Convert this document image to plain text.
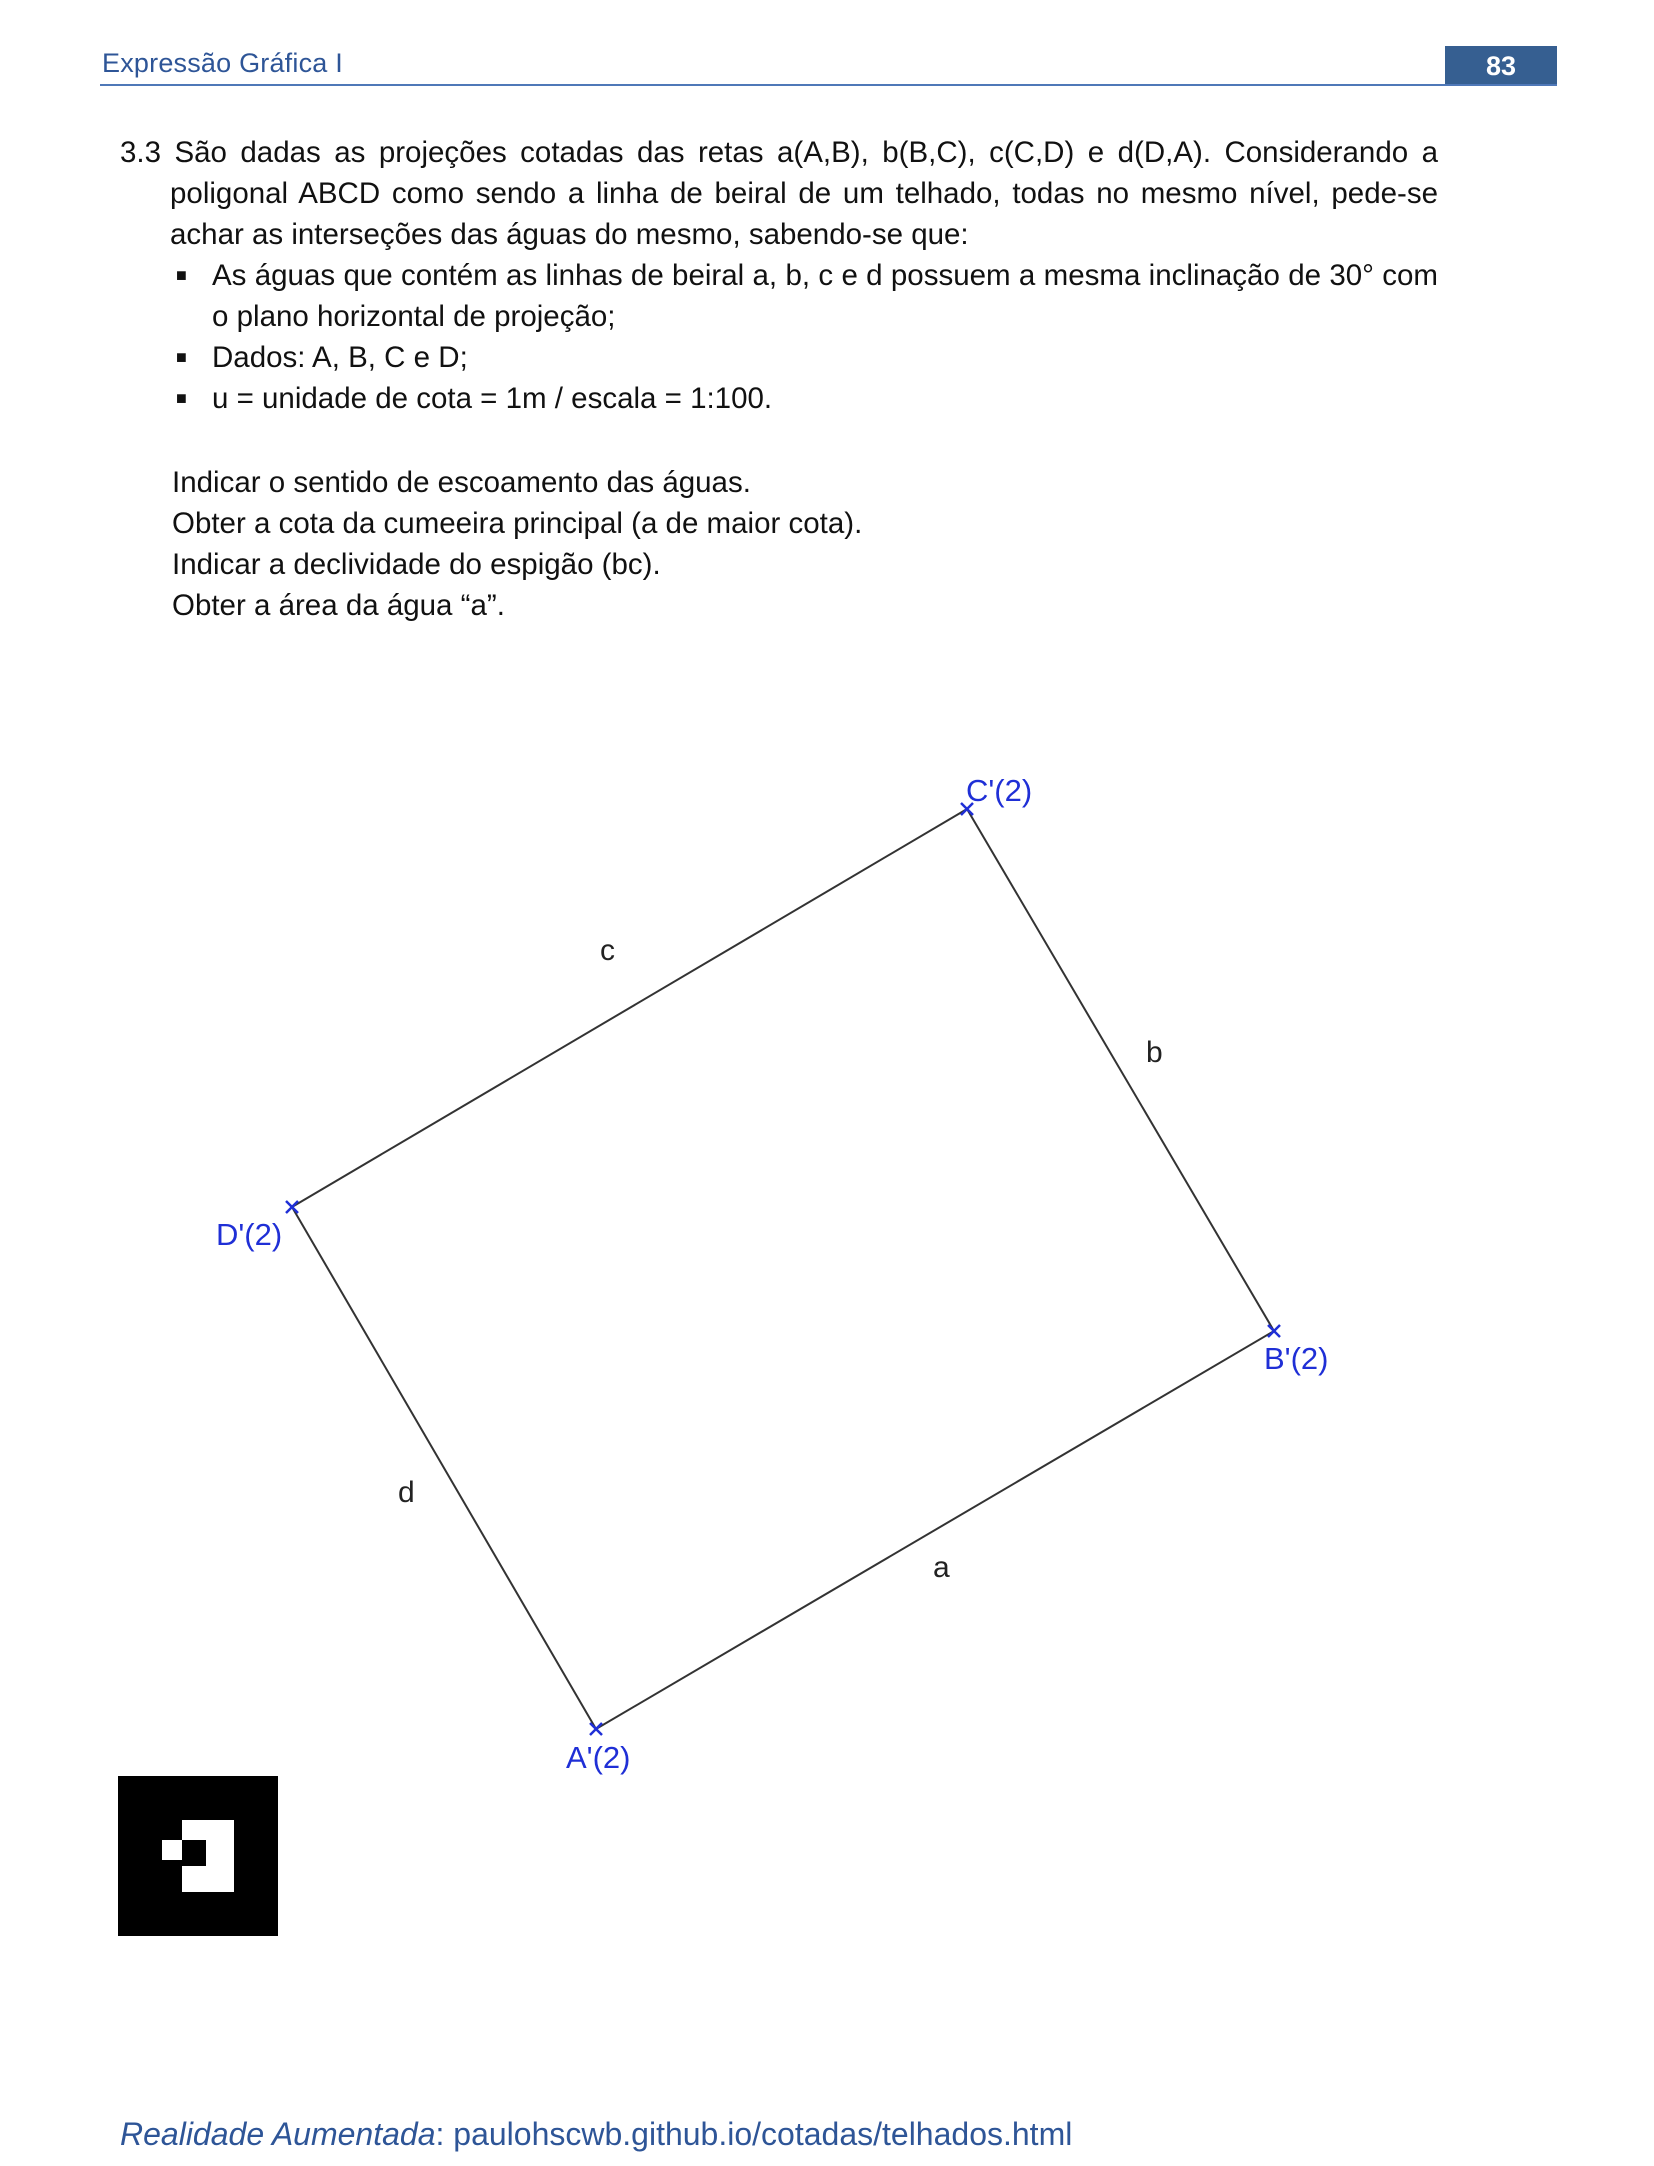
Expressão Gráfica I	83

3.3 São dadas as projeções cotadas das retas a(A,B), b(B,C), c(C,D) e d(D,A). Considerando a poligonal ABCD como sendo a linha de beiral de um telhado, todas no mesmo nível, pede-se achar as interseções das águas do mesmo, sabendo-se que:

■ As águas que contém as linhas de beiral a, b, c e d possuem a mesma inclinação de 30° com o plano horizontal de projeção;
■ Dados: A, B, C e D;
■ u = unidade de cota = 1m / escala = 1:100.

Indicar o sentido de escoamento das águas.

Obter a cota da cumeeira principal (a de maior cota).

Indicar a declividade do espigão (bc).

Obter a área da água “a”.

A'(2)
B'(2)
C'(2)
D'(2)
a
b
c
d
Realidade Aumentada: paulohscwb.github.io/cotadas/telhados.html
